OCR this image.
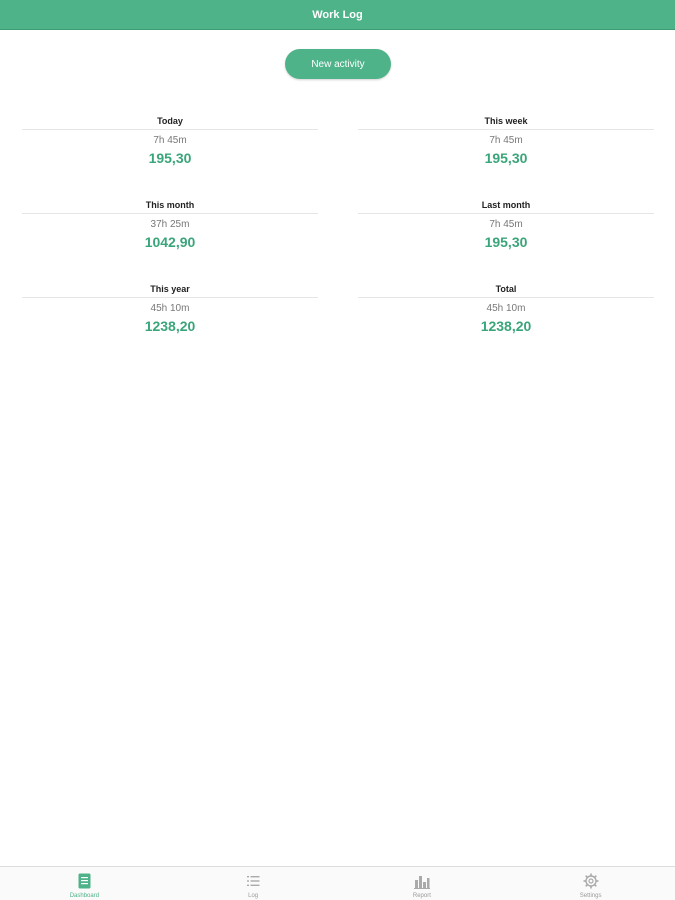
Work Log
New activity
Today
7h 45m
195,30
This week
7h 45m
195,30
This month
37h 25m
1042,90
Last month
7h 45m
195,30
This year
45h 10m
1238,20
Total
45h 10m
1238,20
Dashboard	Log	Report	Settings
